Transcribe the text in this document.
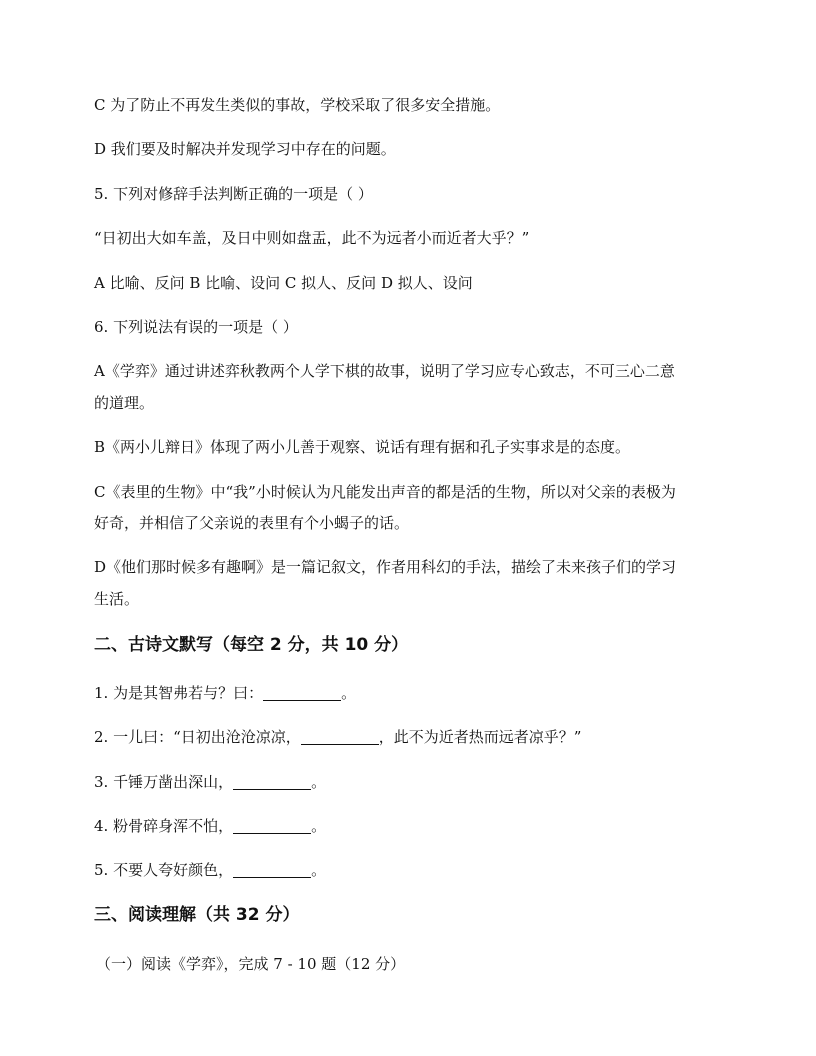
C 为了防止不再发生类似的事故，学校采取了很多安全措施。
D 我们要及时解决并发现学习中存在的问题。
5. 下列对修辞手法判断正确的一项是（ ）
“日初出大如车盖，及日中则如盘盂，此不为远者小而近者大乎？”
A 比喻、反问 B 比喻、设问 C 拟人、反问 D 拟人、设问
6. 下列说法有误的一项是（ ）
A《学弈》通过讲述弈秋教两个人学下棋的故事，说明了学习应专心致志，不可三心二意
的道理。
B《两小儿辩日》体现了两小儿善于观察、说话有理有据和孔子实事求是的态度。
C《表里的生物》中“我”小时候认为凡能发出声音的都是活的生物，所以对父亲的表极为
好奇，并相信了父亲说的表里有个小蝎子的话。
D《他们那时候多有趣啊》是一篇记叙文，作者用科幻的手法，描绘了未来孩子们的学习
生活。
二、古诗文默写（每空 2 分，共 10 分）
1. 为是其智弗若与？曰：	。
2. 一儿曰：“日初出沧沧凉凉，	，此不为近者热而远者凉乎？”
3. 千锤万凿出深山，	。
4. 粉骨碎身浑不怕，	。
5. 不要人夸好颜色，	。
三、阅读理解（共 32 分）
（一）阅读《学弈》，完成 7 - 10 题（12 分）
